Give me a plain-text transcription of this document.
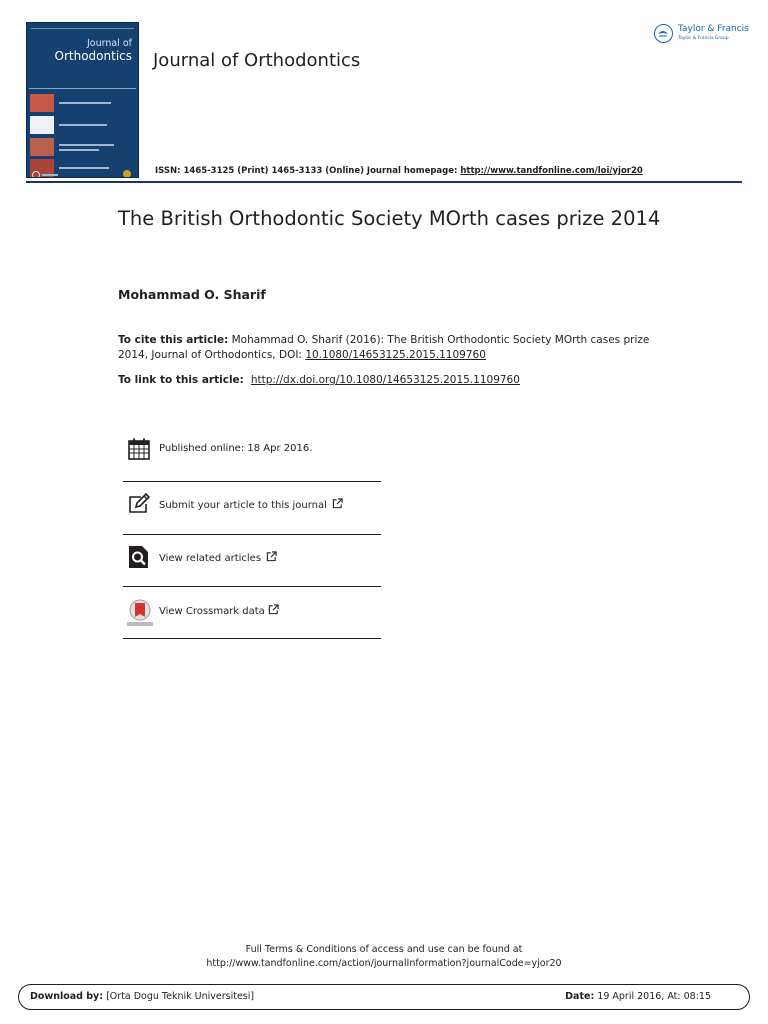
Journal of
Orthodontics Journal of Orthodontics
Taylor & Francis
Taylor & Francis Group
ISSN: 1465-3125 (Print) 1465-3133 (Online) Journal homepage: http://www.tandfonline.com/loi/yjor20
The British Orthodontic Society MOrth cases prize 2014
Mohammad O. Sharif
To cite this article: Mohammad O. Sharif (2016): The British Orthodontic Society MOrth cases prize 2014, Journal of Orthodontics, DOI: 10.1080/14653125.2015.1109760
To link to this article:  http://dx.doi.org/10.1080/14653125.2015.1109760
Published online: 18 Apr 2016.
Submit your article to this journal
View related articles
View Crossmark data
Full Terms & Conditions of access and use can be found at
http://www.tandfonline.com/action/journalInformation?journalCode=yjor20
Download by: [Orta Dogu Teknik Universitesi]	Date: 19 April 2016, At: 08:15
